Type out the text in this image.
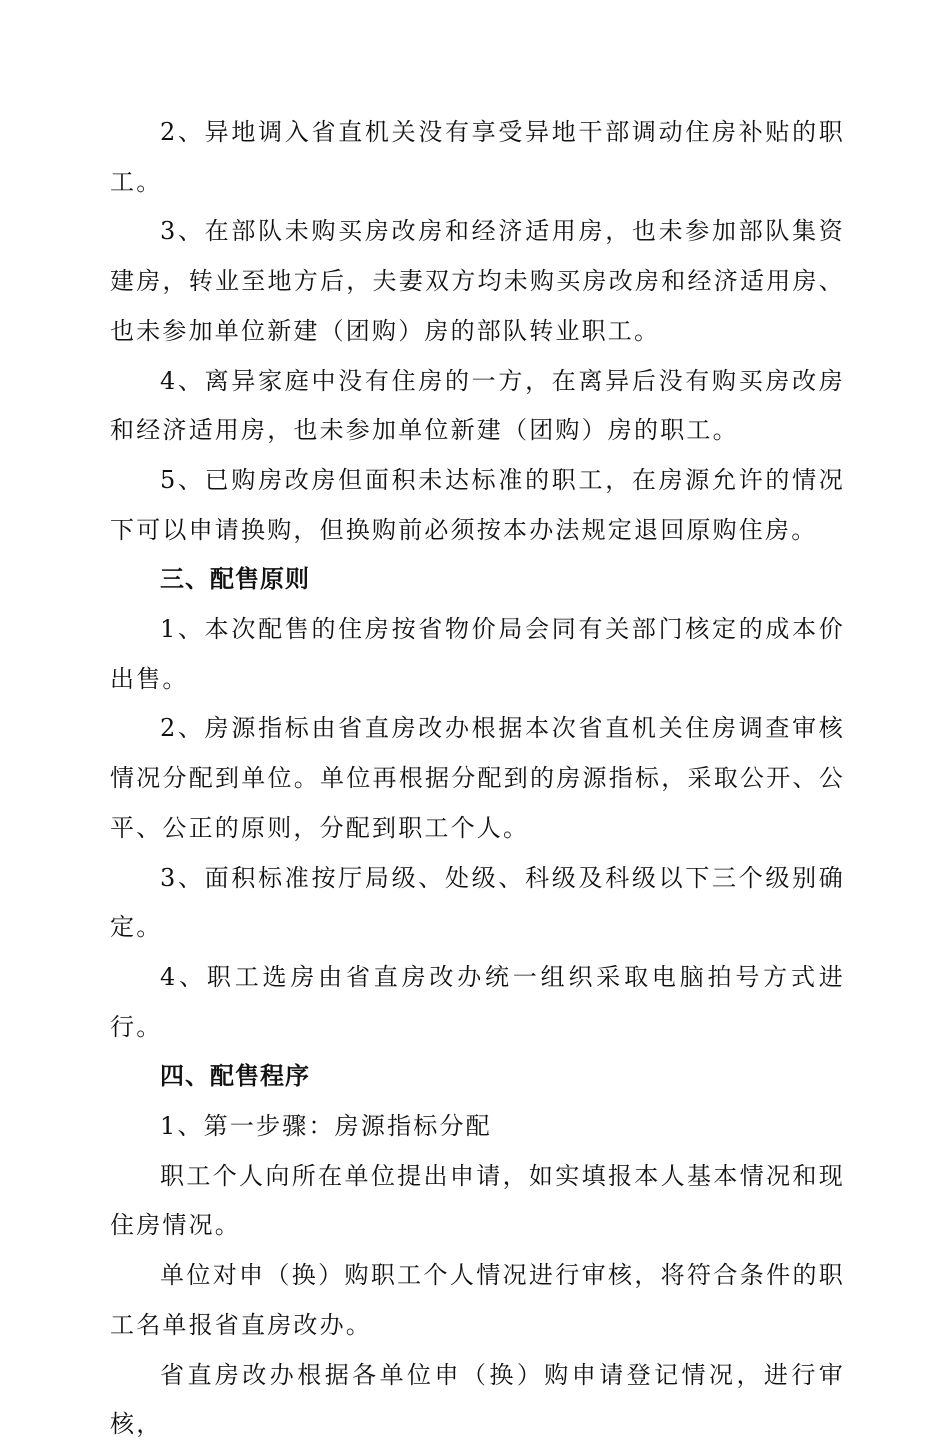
2、异地调入省直机关没有享受异地干部调动住房补贴的职工。

3、在部队未购买房改房和经济适用房，也未参加部队集资建房，转业至地方后，夫妻双方均未购买房改房和经济适用房、也未参加单位新建（团购）房的部队转业职工。

4、离异家庭中没有住房的一方，在离异后没有购买房改房和经济适用房，也未参加单位新建（团购）房的职工。

5、已购房改房但面积未达标准的职工，在房源允许的情况下可以申请换购，但换购前必须按本办法规定退回原购住房。

三、配售原则

1、本次配售的住房按省物价局会同有关部门核定的成本价出售。

2、房源指标由省直房改办根据本次省直机关住房调查审核情况分配到单位。单位再根据分配到的房源指标，采取公开、公平、公正的原则，分配到职工个人。

3、面积标准按厅局级、处级、科级及科级以下三个级别确定。

4、职工选房由省直房改办统一组织采取电脑拍号方式进行。

四、配售程序

1、第一步骤：房源指标分配

职工个人向所在单位提出申请，如实填报本人基本情况和现住房情况。

单位对申（换）购职工个人情况进行审核，将符合条件的职工名单报省直房改办。

省直房改办根据各单位申（换）购申请登记情况，进行审核，
